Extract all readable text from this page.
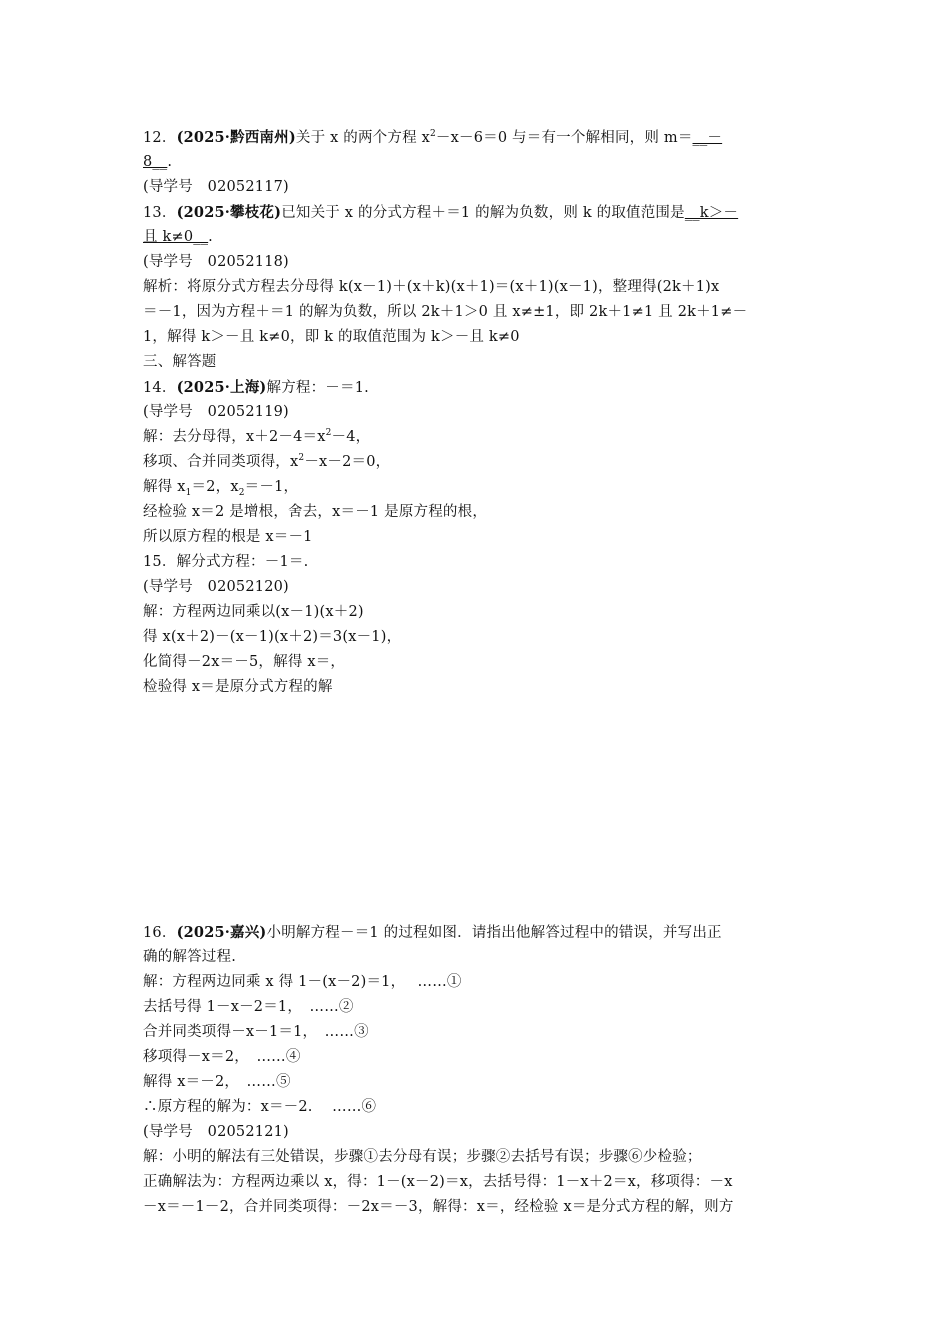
12．(2025·黔西南州)关于 x 的两个方程 $x^2-x-6=0$ 与＝有一个解相同，则 m＝__－
8__.
(导学号　02052117)
13．(2025·攀枝花)已知关于 x 的分式方程＋＝1 的解为负数，则 k 的取值范围是__k＞－
且 k≠0__.
(导学号　02052118)
解析：将原分式方程去分母得 k(x－1)＋(x＋k)(x＋1)＝(x＋1)(x－1)，整理得(2k＋1)x
＝－1，因为方程＋＝1 的解为负数，所以 2k＋1＞0 且 x≠±1，即 2k＋1≠1 且 2k＋1≠－
1，解得 k＞－且 k≠0，即 k 的取值范围为 k＞－且 k≠0
三、解答题
14．(2025·上海)解方程：－＝1.
(导学号　02052119)
解：去分母得，$x+2-4=x^2-4$，
移项、合并同类项得，$x^2-x-2=0$，
解得 $x_1=2$，$x_2=-1$，
经检验 x＝2 是增根，舍去，x＝－1 是原方程的根，
所以原方程的根是 x＝－1
15．解分式方程：－1＝.
(导学号　02052120)
解：方程两边同乘以(x－1)(x＋2)
得 x(x＋2)－(x－1)(x＋2)＝3(x－1)，
化简得－2x＝－5，解得 x＝，
检验得 x＝是原分式方程的解
16．(2025·嘉兴)小明解方程－＝1 的过程如图．请指出他解答过程中的错误，并写出正
确的解答过程.
解：方程两边同乘 x 得 1－(x－2)＝1，　 ……①
去括号得 1－x－2＝1，　……②
合并同类项得－x－1＝1，　……③
移项得－x＝2，　……④
解得 x＝－2，　……⑤
∴原方程的解为：x＝－2.　 ……⑥
(导学号　02052121)
解：小明的解法有三处错误，步骤①去分母有误；步骤②去括号有误；步骤⑥少检验；
正确解法为：方程两边乘以 x，得：1－(x－2)＝x，去括号得：1－x＋2＝x，移项得：－x
－x＝－1－2，合并同类项得：－2x＝－3，解得：x＝，经检验 x＝是分式方程的解，则方
